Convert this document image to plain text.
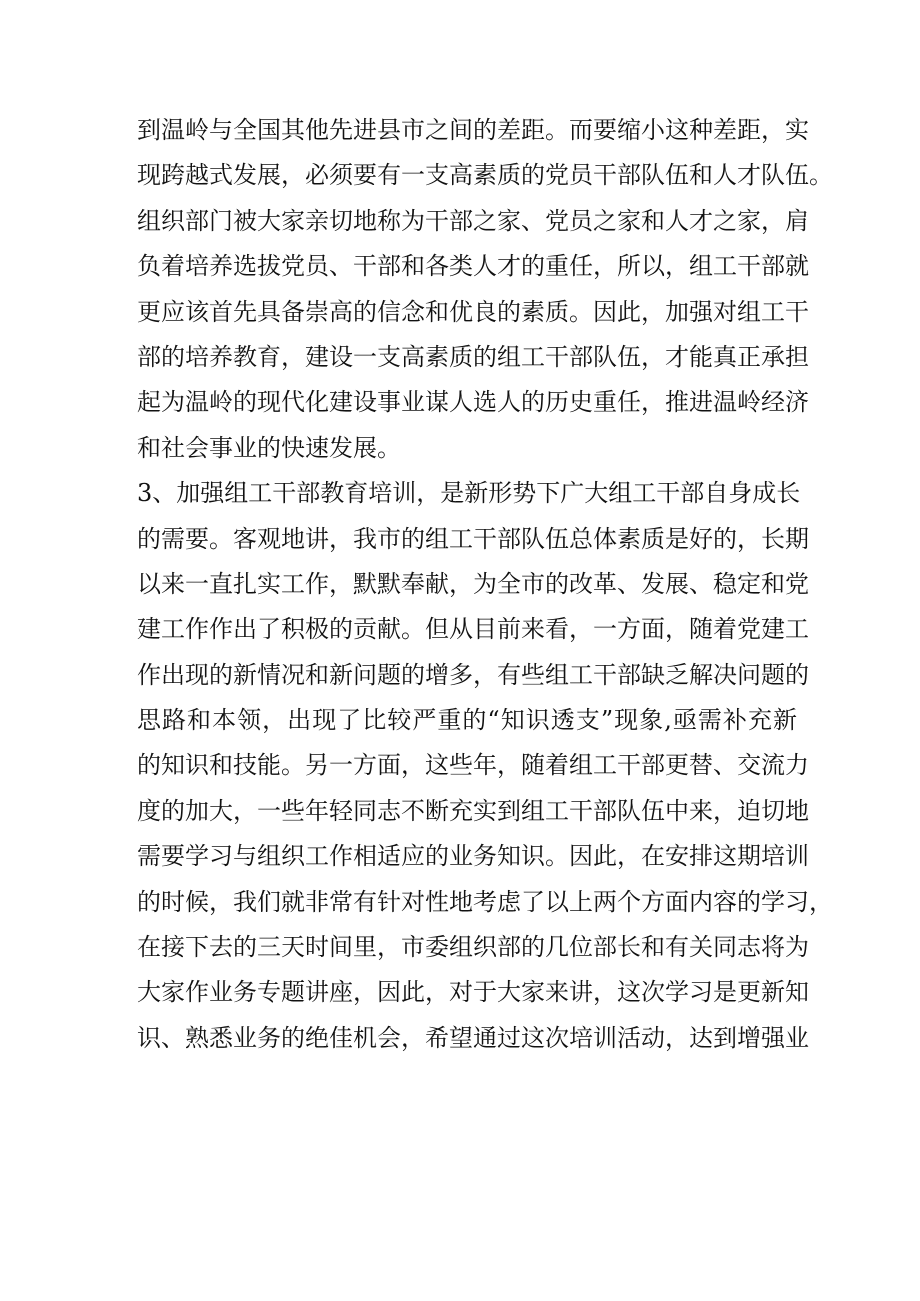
到温岭与全国其他先进县市之间的差距。而要缩小这种差距，实
现跨越式发展，必须要有一支高素质的党员干部队伍和人才队伍。
组织部门被大家亲切地称为干部之家、党员之家和人才之家，肩
负着培养选拔党员、干部和各类人才的重任，所以，组工干部就
更应该首先具备崇高的信念和优良的素质。因此，加强对组工干
部的培养教育，建设一支高素质的组工干部队伍，才能真正承担
起为温岭的现代化建设事业谋人选人的历史重任，推进温岭经济
和社会事业的快速发展。
3、加强组工干部教育培训，是新形势下广大组工干部自身成长
的需要。客观地讲，我市的组工干部队伍总体素质是好的，长期
以来一直扎实工作，默默奉献，为全市的改革、发展、稳定和党
建工作作出了积极的贡献。但从目前来看，一方面，随着党建工
作出现的新情况和新问题的增多，有些组工干部缺乏解决问题的
思路和本领，出现了比较严重的“知识透支”现象,亟需补充新
的知识和技能。另一方面，这些年，随着组工干部更替、交流力
度的加大，一些年轻同志不断充实到组工干部队伍中来，迫切地
需要学习与组织工作相适应的业务知识。因此，在安排这期培训
的时候，我们就非常有针对性地考虑了以上两个方面内容的学习，
在接下去的三天时间里，市委组织部的几位部长和有关同志将为
大家作业务专题讲座，因此，对于大家来讲，这次学习是更新知
识、熟悉业务的绝佳机会，希望通过这次培训活动，达到增强业
